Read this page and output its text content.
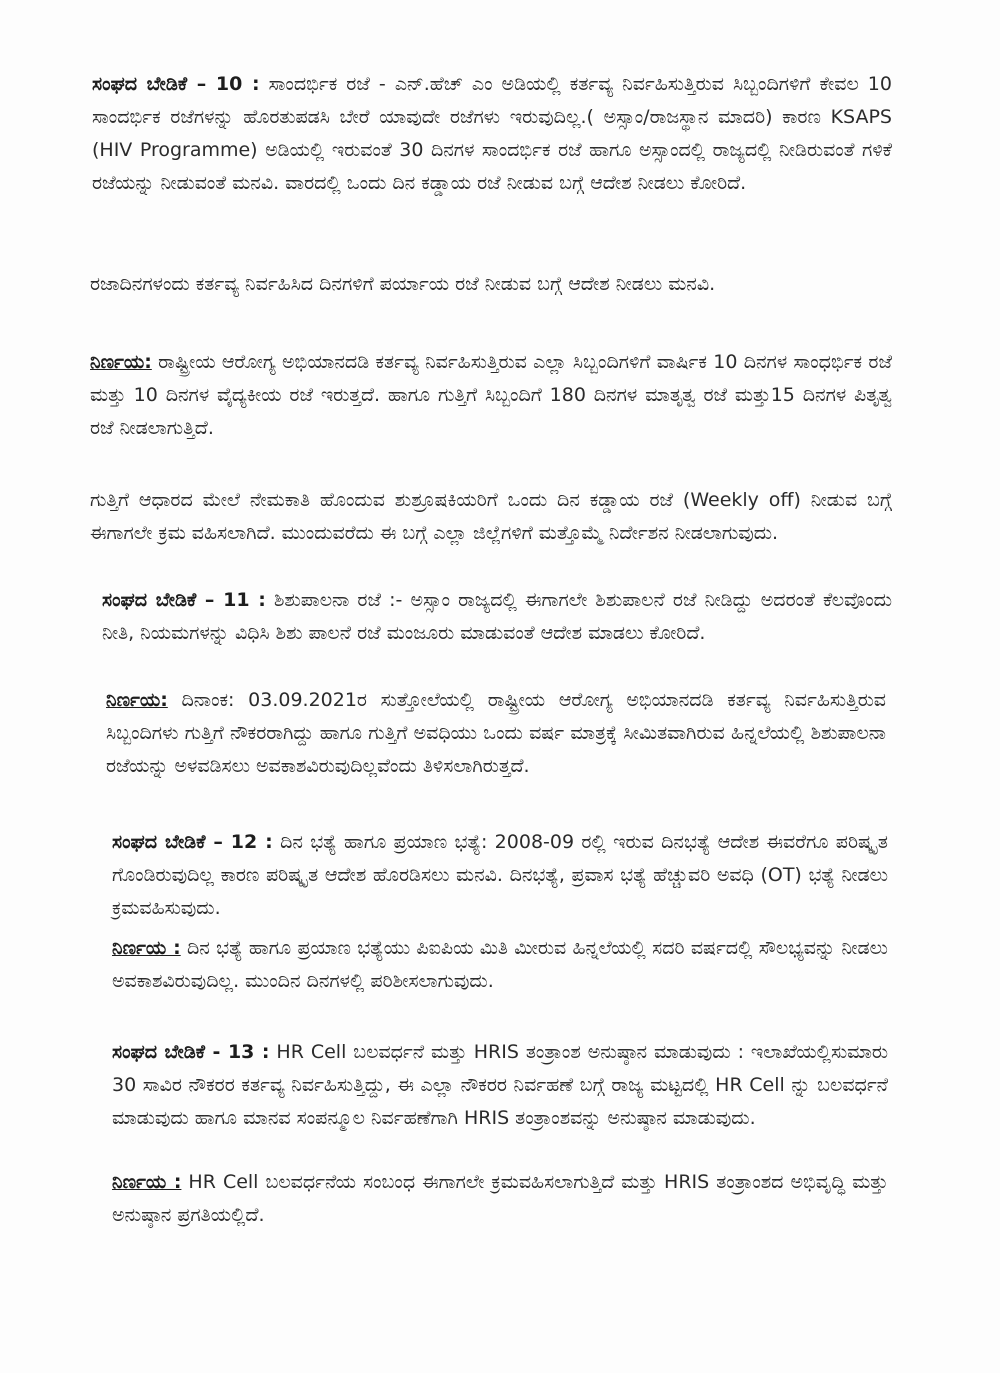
ಸಂಘದ ಬೇಡಿಕೆ – 10 : ಸಾಂದರ್ಭಿಕ ರಜೆ - ಎನ್.ಹೆಚ್ ಎಂ ಅಡಿಯಲ್ಲಿ ಕರ್ತವ್ಯ ನಿರ್ವಹಿಸುತ್ತಿರುವ ಸಿಬ್ಬಂದಿಗಳಿಗೆ ಕೇವಲ 10 ಸಾಂದರ್ಭಿಕ ರಜೆಗಳನ್ನು ಹೊರತುಪಡಸಿ ಬೇರೆ ಯಾವುದೇ ರಜೆಗಳು ಇರುವುದಿಲ್ಲ.( ಅಸ್ಸಾಂ/ರಾಜಸ್ಥಾನ ಮಾದರಿ) ಕಾರಣ KSAPS (HIV Programme) ಅಡಿಯಲ್ಲಿ ಇರುವಂತೆ 30 ದಿನಗಳ ಸಾಂದರ್ಭಿಕ ರಜೆ ಹಾಗೂ ಅಸ್ಸಾಂದಲ್ಲಿ ರಾಜ್ಯದಲ್ಲಿ ನೀಡಿರುವಂತೆ ಗಳಿಕೆ ರಜೆಯನ್ನು ನೀಡುವಂತೆ ಮನವಿ. ವಾರದಲ್ಲಿ ಒಂದು ದಿನ ಕಡ್ಡಾಯ ರಜೆ ನೀಡುವ ಬಗ್ಗೆ ಆದೇಶ ನೀಡಲು ಕೋರಿದೆ.

ರಜಾದಿನಗಳಂದು ಕರ್ತವ್ಯ ನಿರ್ವಹಿಸಿದ ದಿನಗಳಿಗೆ ಪರ್ಯಾಯ ರಜೆ ನೀಡುವ ಬಗ್ಗೆ ಆದೇಶ ನೀಡಲು ಮನವಿ.

ನಿರ್ಣಯ: ರಾಷ್ಟ್ರೀಯ ಆರೋಗ್ಯ ಅಭಿಯಾನದಡಿ ಕರ್ತವ್ಯ ನಿರ್ವಹಿಸುತ್ತಿರುವ ಎಲ್ಲಾ ಸಿಬ್ಬಂದಿಗಳಿಗೆ ವಾರ್ಷಿಕ 10 ದಿನಗಳ ಸಾಂಧರ್ಭಿಕ ರಜೆ ಮತ್ತು 10 ದಿನಗಳ ವೈದ್ಯಕೀಯ ರಜೆ ಇರುತ್ತದೆ. ಹಾಗೂ ಗುತ್ತಿಗೆ ಸಿಬ್ಬಂದಿಗೆ 180 ದಿನಗಳ ಮಾತೃತ್ವ ರಜೆ ಮತ್ತು15 ದಿನಗಳ ಪಿತೃತ್ವ ರಜೆ ನೀಡಲಾಗುತ್ತಿದೆ.

ಗುತ್ತಿಗೆ ಆಧಾರದ ಮೇಲೆ ನೇಮಕಾತಿ ಹೊಂದುವ ಶುಶ್ರೂಷಕಿಯರಿಗೆ ಒಂದು ದಿನ ಕಡ್ಡಾಯ ರಜೆ (Weekly off) ನೀಡುವ ಬಗ್ಗೆ ಈಗಾಗಲೇ ಕ್ರಮ ವಹಿಸಲಾಗಿದೆ. ಮುಂದುವರೆದು ಈ ಬಗ್ಗೆ ಎಲ್ಲಾ ಜಿಲ್ಲೆಗಳಿಗೆ ಮತ್ತೊಮ್ಮೆ ನಿರ್ದೇಶನ ನೀಡಲಾಗುವುದು.

ಸಂಘದ ಬೇಡಿಕೆ – 11 : ಶಿಶುಪಾಲನಾ ರಜೆ :- ಅಸ್ಸಾಂ ರಾಜ್ಯದಲ್ಲಿ ಈಗಾಗಲೇ ಶಿಶುಪಾಲನೆ ರಜೆ ನೀಡಿದ್ದು ಅದರಂತೆ ಕೆಲವೊಂದು ನೀತಿ, ನಿಯಮಗಳನ್ನು ವಿಧಿಸಿ ಶಿಶು ಪಾಲನೆ ರಜೆ ಮಂಜೂರು ಮಾಡುವಂತೆ ಆದೇಶ ಮಾಡಲು ಕೋರಿದೆ.

ನಿರ್ಣಯ: ದಿನಾಂಕ: 03.09.2021ರ ಸುತ್ತೋಲೆಯಲ್ಲಿ ರಾಷ್ಟ್ರೀಯ ಆರೋಗ್ಯ ಅಭಿಯಾನದಡಿ ಕರ್ತವ್ಯ ನಿರ್ವಹಿಸುತ್ತಿರುವ ಸಿಬ್ಬಂದಿಗಳು ಗುತ್ತಿಗೆ ನೌಕರರಾಗಿದ್ದು ಹಾಗೂ ಗುತ್ತಿಗೆ ಅವಧಿಯು ಒಂದು ವರ್ಷ ಮಾತ್ರಕ್ಕೆ ಸೀಮಿತವಾಗಿರುವ ಹಿನ್ನಲೆಯಲ್ಲಿ ಶಿಶುಪಾಲನಾ ರಜೆಯನ್ನು ಅಳವಡಿಸಲು ಅವಕಾಶವಿರುವುದಿಲ್ಲವೆಂದು ತಿಳಿಸಲಾಗಿರುತ್ತದೆ.

ಸಂಘದ ಬೇಡಿಕೆ – 12 : ದಿನ ಭತ್ಯೆ ಹಾಗೂ ಪ್ರಯಾಣ ಭತ್ಯೆ: 2008-09 ರಲ್ಲಿ ಇರುವ ದಿನಭತ್ಯೆ ಆದೇಶ ಈವರೆಗೂ ಪರಿಷ್ಕೃತ ಗೊಂಡಿರುವುದಿಲ್ಲ ಕಾರಣ ಪರಿಷ್ಕೃತ ಆದೇಶ ಹೊರಡಿಸಲು ಮನವಿ. ದಿನಭತ್ಯೆ, ಪ್ರವಾಸ ಭತ್ಯೆ ಹೆಚ್ಚುವರಿ ಅವಧಿ (OT) ಭತ್ಯೆ ನೀಡಲು ಕ್ರಮವಹಿಸುವುದು.

ನಿರ್ಣಯ : ದಿನ ಭತ್ಯೆ ಹಾಗೂ ಪ್ರಯಾಣ ಭತ್ಯೆಯು ಪಿಐಪಿಯ ಮಿತಿ ಮೀರುವ ಹಿನ್ನಲೆಯಲ್ಲಿ ಸದರಿ ವರ್ಷದಲ್ಲಿ ಸೌಲಭ್ಯವನ್ನು ನೀಡಲು ಅವಕಾಶವಿರುವುದಿಲ್ಲ. ಮುಂದಿನ ದಿನಗಳಲ್ಲಿ ಪರಿಶೀಸಲಾಗುವುದು.

ಸಂಘದ ಬೇಡಿಕೆ - 13 : HR Cell ಬಲವರ್ಧನೆ ಮತ್ತು HRIS ತಂತ್ರಾಂಶ ಅನುಷ್ಠಾನ ಮಾಡುವುದು : ಇಲಾಖೆಯಲ್ಲಿಸುಮಾರು 30 ಸಾವಿರ ನೌಕರರ ಕರ್ತವ್ಯ ನಿರ್ವಹಿಸುತ್ತಿದ್ದು, ಈ ಎಲ್ಲಾ ನೌಕರರ ನಿರ್ವಹಣೆ ಬಗ್ಗೆ ರಾಜ್ಯ ಮಟ್ಟದಲ್ಲಿ HR Cell ನ್ನು ಬಲವರ್ಧನೆ ಮಾಡುವುದು ಹಾಗೂ ಮಾನವ ಸಂಪನ್ಮೂಲ ನಿರ್ವಹಣೆಗಾಗಿ HRIS ತಂತ್ರಾಂಶವನ್ನು ಅನುಷ್ಠಾನ ಮಾಡುವುದು.

ನಿರ್ಣಯ : HR Cell ಬಲವರ್ಧನೆಯ ಸಂಬಂಧ ಈಗಾಗಲೇ ಕ್ರಮವಹಿಸಲಾಗುತ್ತಿದೆ ಮತ್ತು HRIS ತಂತ್ರಾಂಶದ ಅಭಿವೃದ್ಧಿ ಮತ್ತು ಅನುಷ್ಠಾನ ಪ್ರಗತಿಯಲ್ಲಿದೆ.
